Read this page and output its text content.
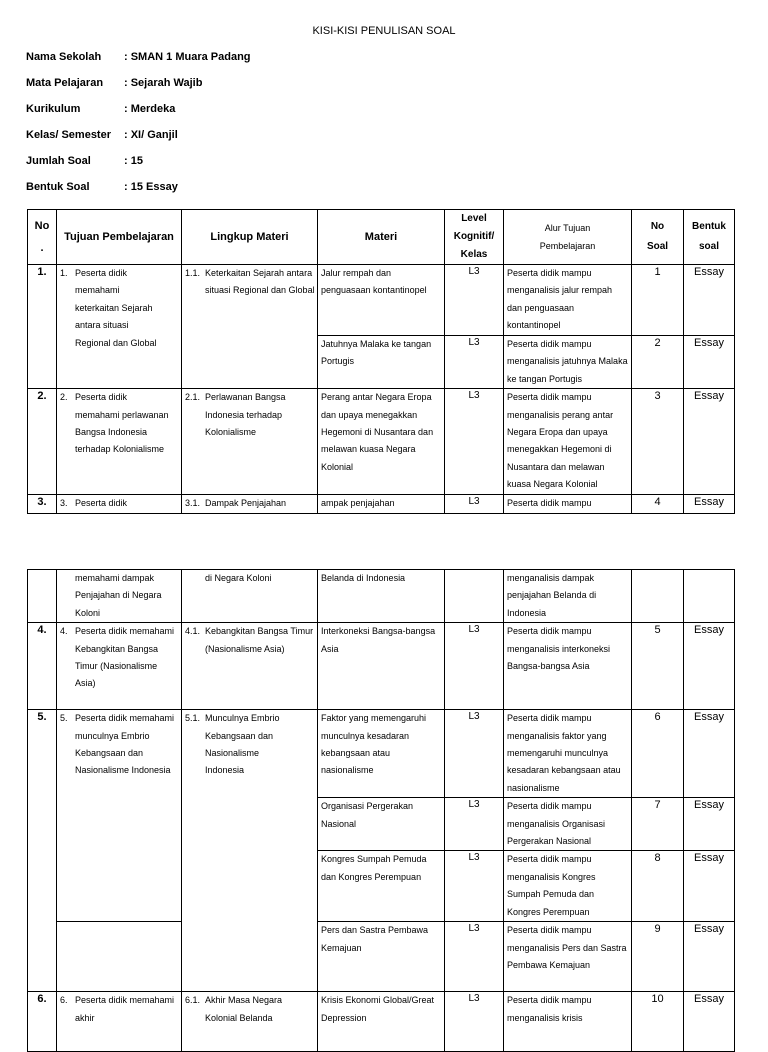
KISI-KISI PENULISAN SOAL
Nama Sekolah : SMAN 1 Muara Padang
Mata Pelajaran : Sejarah Wajib
Kurikulum	: Merdeka
Kelas/ Semester : XI/ Ganjil
Jumlah Soal	: 15
Bentuk Soal	: 15 Essay
No .	Tujuan Pembelajaran	Lingkup Materi	Materi	Level Kognitif/ Kelas	Alur Tujuan Pembelajaran	No Soal	Bentuk soal
1.	1. Peserta didik memahami keterkaitan Sejarah antara situasi Regional dan Global	1.1. Keterkaitan Sejarah antara situasi Regional dan Global	Jalur rempah dan penguasaan kontantinopel	L3	Peserta didik mampu menganalisis jalur rempah dan penguasaan kontantinopel	1	Essay
			Jatuhnya Malaka ke tangan Portugis	L3	Peserta didik mampu menganalisis jatuhnya Malaka ke tangan Portugis	2	Essay
2.	2. Peserta didik memahami perlawanan Bangsa Indonesia terhadap Kolonialisme	2.1. Perlawanan Bangsa Indonesia terhadap Kolonialisme	Perang antar Negara Eropa dan upaya menegakkan Hegemoni di Nusantara dan melawan kuasa Negara Kolonial	L3	Peserta didik mampu menganalisis perang antar Negara Eropa dan upaya menegakkan Hegemoni di Nusantara dan melawan kuasa Negara Kolonial	3	Essay
3.	3. Peserta didik	3.1. Dampak Penjajahan	ampak penjajahan	L3	Peserta didik mampu	4	Essay

	memahami dampak Penjajahan di Negara Koloni	di Negara Koloni	Belanda di Indonesia		menganalisis dampak penjajahan Belanda di Indonesia		
4.	4. Peserta didik memahami Kebangkitan Bangsa Timur (Nasionalisme Asia)	4.1. Kebangkitan Bangsa Timur (Nasionalisme Asia)	Interkoneksi Bangsa-bangsa Asia	L3	Peserta didik mampu menganalisis interkoneksi Bangsa-bangsa Asia	5	Essay
5.	5. Peserta didik memahami munculnya Embrio Kebangsaan dan Nasionalisme Indonesia	5.1. Munculnya Embrio Kebangsaan dan Nasionalisme Indonesia	Faktor yang memengaruhi munculnya kesadaran kebangsaan atau nasionalisme	L3	Peserta didik mampu menganalisis faktor yang memengaruhi munculnya kesadaran kebangsaan atau nasionalisme	6	Essay
			Organisasi Pergerakan Nasional	L3	Peserta didik mampu menganalisis Organisasi Pergerakan Nasional	7	Essay
			Kongres Sumpah Pemuda dan Kongres Perempuan	L3	Peserta didik mampu menganalisis Kongres Sumpah Pemuda dan Kongres Perempuan	8	Essay
			Pers dan Sastra Pembawa Kemajuan	L3	Peserta didik mampu menganalisis Pers dan Sastra Pembawa Kemajuan	9	Essay
6.	6. Peserta didik memahami akhir	6.1. Akhir Masa Negara Kolonial Belanda	Krisis Ekonomi Global/Great Depression	L3	Peserta didik mampu menganalisis krisis	10	Essay
